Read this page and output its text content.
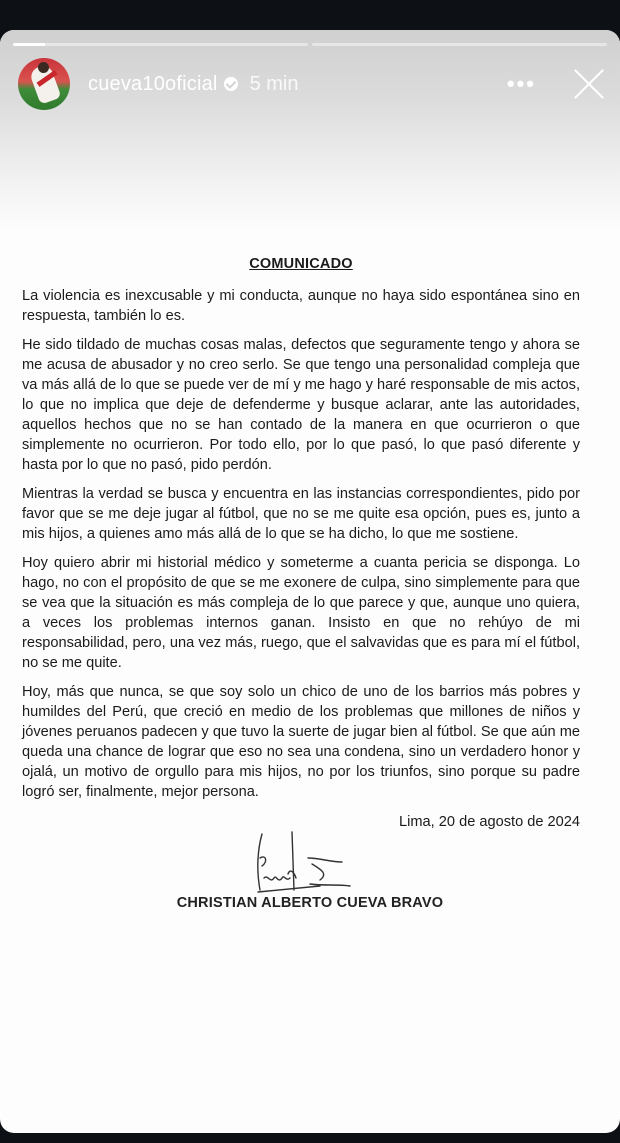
cueva10oficial 5 min	•••

COMUNICADO

La violencia es inexcusable y mi conducta, aunque no haya sido espontánea sino en respuesta, también lo es.

He sido tildado de muchas cosas malas, defectos que seguramente tengo y ahora se me acusa de abusador y no creo serlo. Se que tengo una personalidad compleja que va más allá de lo que se puede ver de mí y me hago y haré responsable de mis actos, lo que no implica que deje de defenderme y busque aclarar, ante las autoridades, aquellos hechos que no se han contado de la manera en que ocurrieron o que simplemente no ocurrieron. Por todo ello, por lo que pasó, lo que pasó diferente y hasta por lo que no pasó, pido perdón.

Mientras la verdad se busca y encuentra en las instancias correspondientes, pido por favor que se me deje jugar al fútbol, que no se me quite esa opción, pues es, junto a mis hijos, a quienes amo más allá de lo que se ha dicho, lo que me sostiene.

Hoy quiero abrir mi historial médico y someterme a cuanta pericia se disponga. Lo hago, no con el propósito de que se me exonere de culpa, sino simplemente para que se vea que la situación es más compleja de lo que parece y que, aunque uno quiera, a veces los problemas internos ganan. Insisto en que no rehúyo de mi responsabilidad, pero, una vez más, ruego, que el salvavidas que es para mí el fútbol, no se me quite.

Hoy, más que nunca, se que soy solo un chico de uno de los barrios más pobres y humildes del Perú, que creció en medio de los problemas que millones de niños y jóvenes peruanos padecen y que tuvo la suerte de jugar bien al fútbol. Se que aún me queda una chance de lograr que eso no sea una condena, sino un verdadero honor y ojalá, un motivo de orgullo para mis hijos, no por los triunfos, sino porque su padre logró ser, finalmente, mejor persona.

Lima, 20 de agosto de 2024

CHRISTIAN ALBERTO CUEVA BRAVO
